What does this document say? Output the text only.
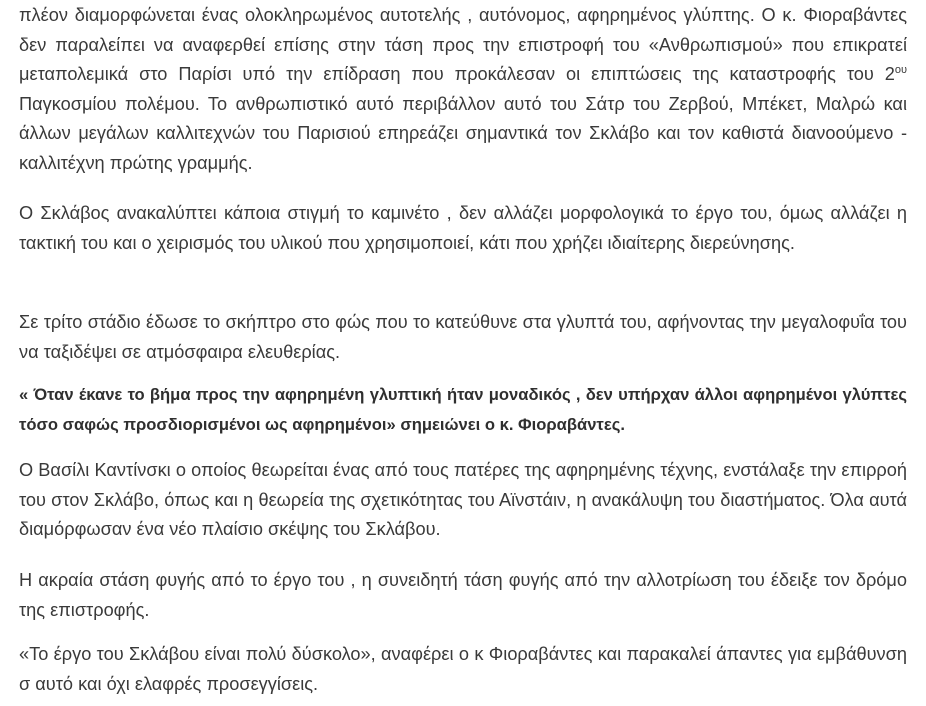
πλέον διαμορφώνεται ένας ολοκληρωμένος αυτοτελής , αυτόνομος, αφηρημένος γλύπτης. Ο κ. Φιοραβάντες δεν παραλείπει να αναφερθεί επίσης στην τάση προς την επιστροφή του «Ανθρωπισμού» που επικρατεί μεταπολεμικά στο Παρίσι υπό την επίδραση που προκάλεσαν οι επιπτώσεις της καταστροφής του $2^{o\upsilon}$ Παγκοσμίου πολέμου. Το ανθρωπιστικό αυτό περιβάλλον αυτό του Σάτρ του Ζερβού, Μπέκετ, Μαλρώ και άλλων μεγάλων καλλιτεχνών του Παρισιού επηρεάζει σημαντικά τον Σκλάβο και τον καθιστά διανοούμενο - καλλιτέχνη πρώτης γραμμής.

Ο Σκλάβος ανακαλύπτει κάποια στιγμή το καμινέτο , δεν αλλάζει μορφολογικά το έργο του, όμως αλλάζει η τακτική του και ο χειρισμός του υλικού που χρησιμοποιεί, κάτι που χρήζει ιδιαίτερης διερεύνησης.

Σε τρίτο στάδιο έδωσε το σκήπτρο στο φώς που το κατεύθυνε στα γλυπτά του, αφήνοντας την μεγαλοφυΐα του να ταξιδέψει σε ατμόσφαιρα ελευθερίας.

« Όταν έκανε το βήμα προς την αφηρημένη γλυπτική ήταν μοναδικός , δεν υπήρχαν άλλοι αφηρημένοι γλύπτες τόσο σαφώς προσδιορισμένοι ως αφηρημένοι» σημειώνει ο κ. Φιοραβάντες.

Ο Βασίλι Καντίνσκι ο οποίος θεωρείται ένας από τους πατέρες της αφηρημένης τέχνης, ενστάλαξε την επιρροή του στον Σκλάβο, όπως και η θεωρεία της σχετικότητας του Αϊνστάιν, η ανακάλυψη του διαστήματος. Όλα αυτά διαμόρφωσαν ένα νέο πλαίσιο σκέψης του Σκλάβου.

Η ακραία στάση φυγής από το έργο του , η συνειδητή τάση φυγής από την αλλοτρίωση του έδειξε τον δρόμο της επιστροφής.

«Το έργο του Σκλάβου είναι πολύ δύσκολο», αναφέρει ο κ Φιοραβάντες και παρακαλεί άπαντες για εμβάθυνση σ αυτό και όχι ελαφρές προσεγγίσεις.
